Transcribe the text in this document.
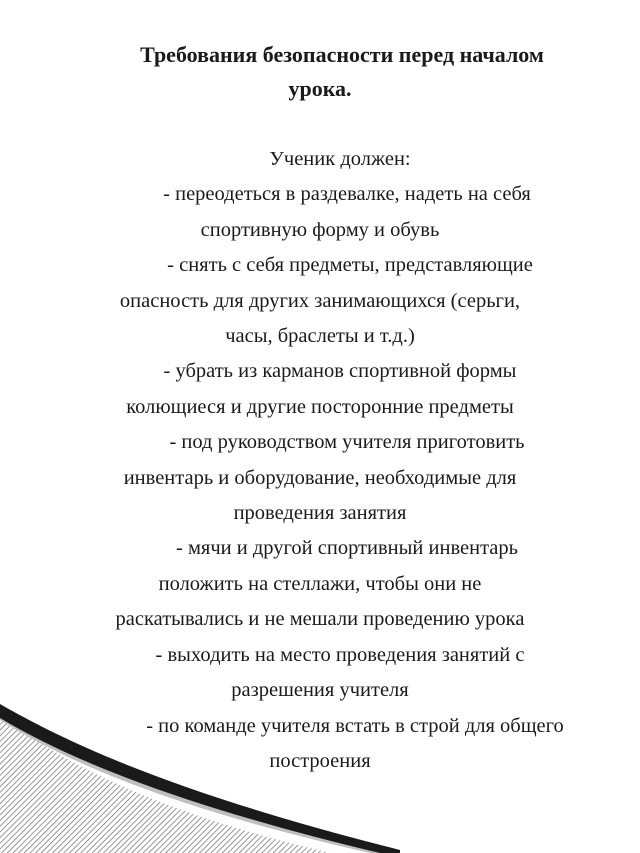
Требования безопасности перед началом
урока.
Ученик должен:
- переодеться в раздевалке, надеть на себя
спортивную форму и обувь
- снять с себя предметы, представляющие
опасность для других занимающихся (серьги,
часы, браслеты и т.д.)
- убрать из карманов спортивной формы
колющиеся и другие посторонние предметы
- под руководством учителя приготовить
инвентарь и оборудование, необходимые для
проведения занятия
- мячи и другой спортивный инвентарь
положить на стеллажи, чтобы они не
раскатывались и не мешали проведению урока
- выходить на место проведения занятий с
разрешения учителя
- по команде учителя встать в строй для общего
построения
